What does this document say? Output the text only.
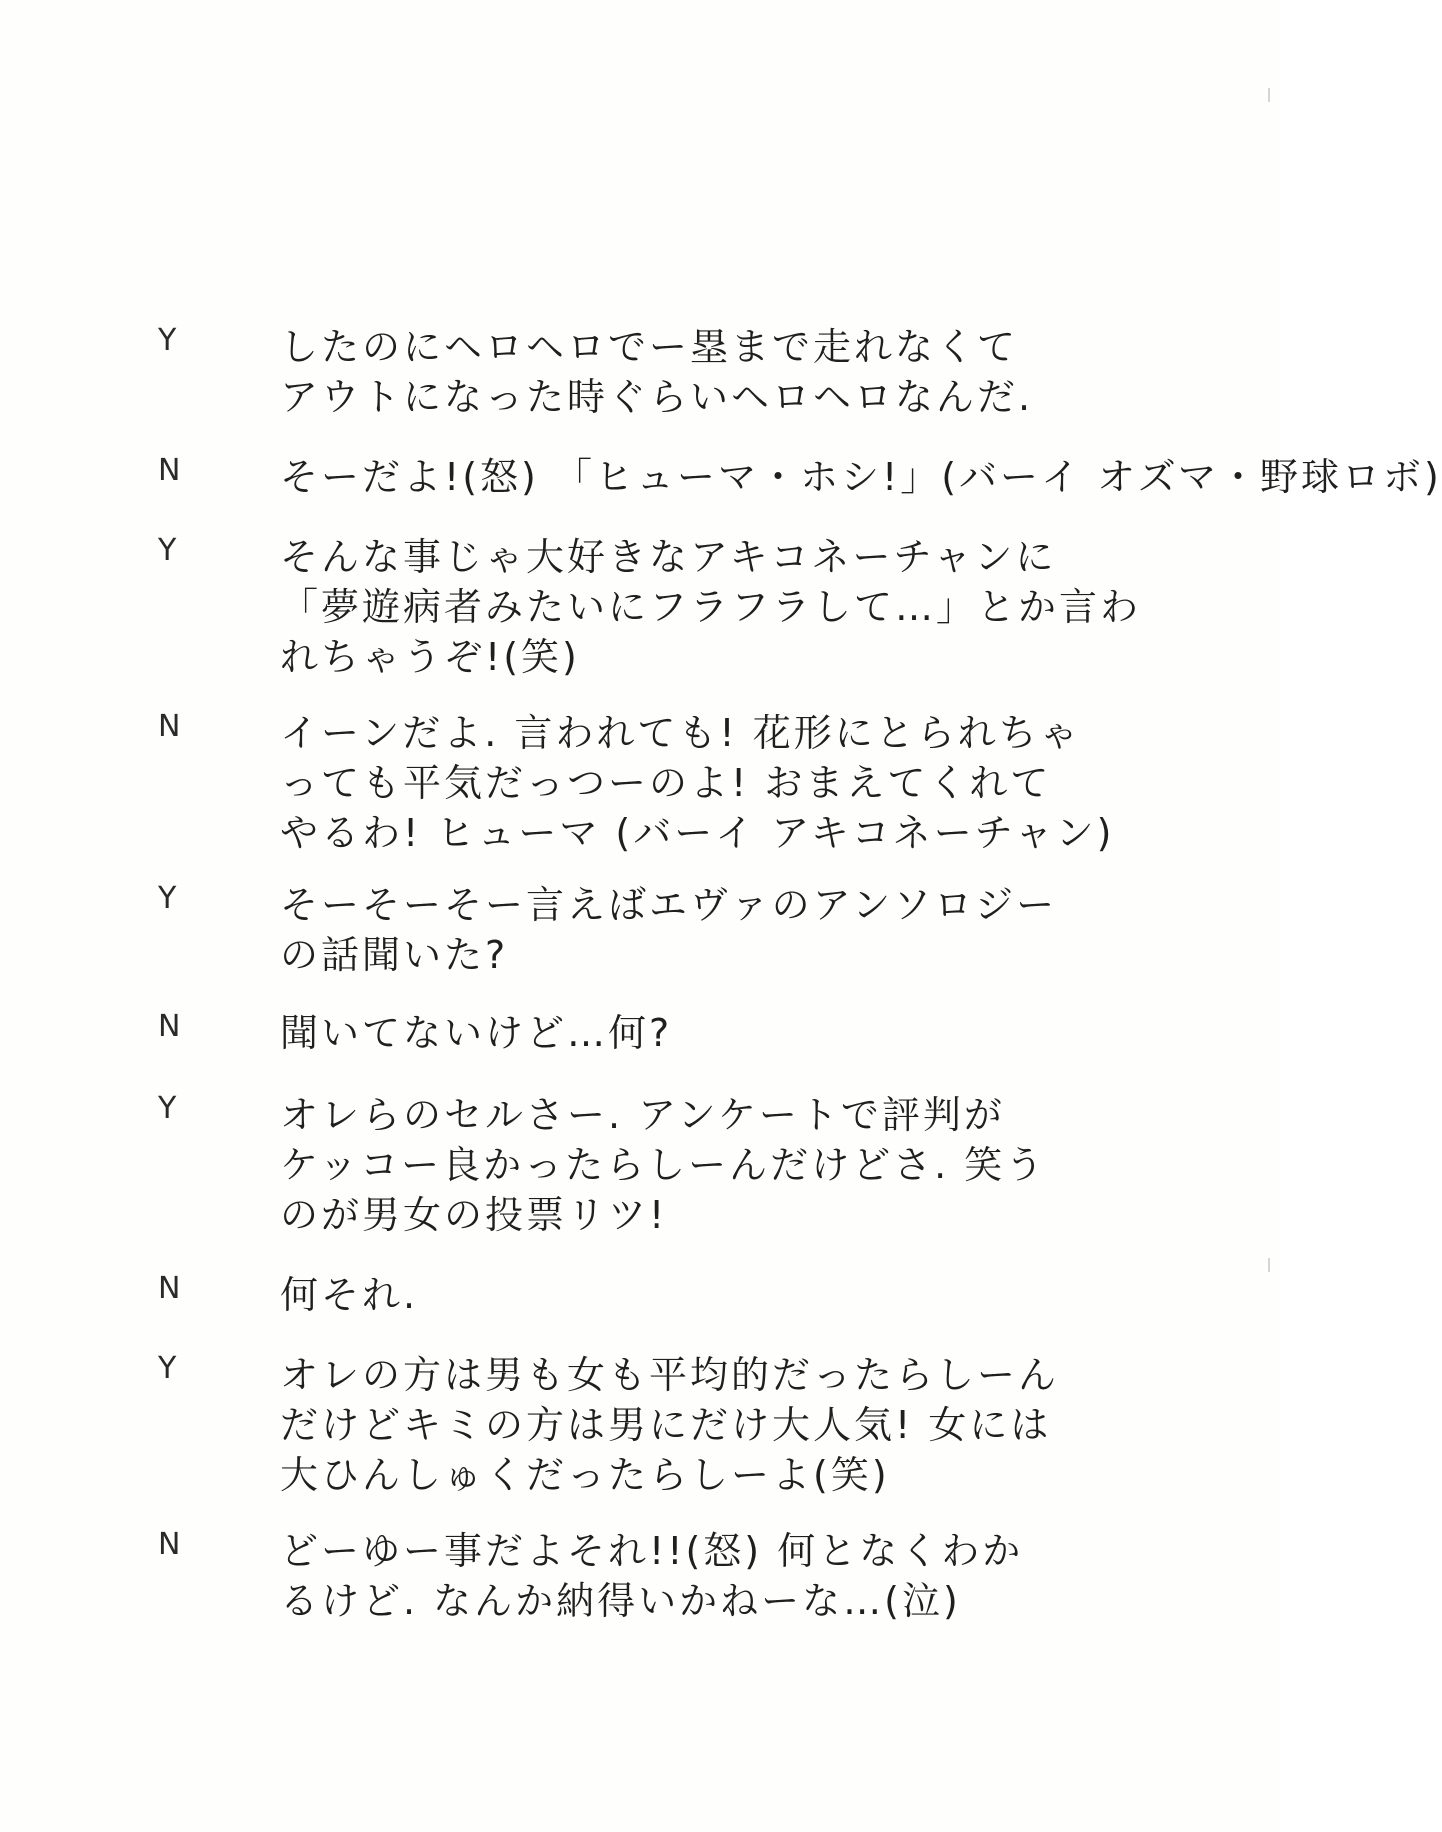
Y	したのにヘロヘロでー塁まで走れなくて
アウトになった時ぐらいヘロヘロなんだ.
N	そーだよ!(怒) 「ヒューマ・ホシ!」(バーイ オズマ・野球ロボ)
Y	そんな事じゃ大好きなアキコネーチャンに
「夢遊病者みたいにフラフラして…」とか言わ
れちゃうぞ!(笑)
N	イーンだよ. 言われても! 花形にとられちゃ
っても平気だっつーのよ! おまえてくれて
やるわ! ヒューマ (バーイ アキコネーチャン)
Y	そーそーそー言えばエヴァのアンソロジー
の話聞いた?
N	聞いてないけど…何?
Y	オレらのセルさー. アンケートで評判が
ケッコー良かったらしーんだけどさ. 笑う
のが男女の投票リツ!
N	何それ.
Y	オレの方は男も女も平均的だったらしーん
だけどキミの方は男にだけ大人気! 女には
大ひんしゅくだったらしーよ(笑)
N	どーゆー事だよそれ!!(怒) 何となくわか
るけど. なんか納得いかねーな…(泣)
